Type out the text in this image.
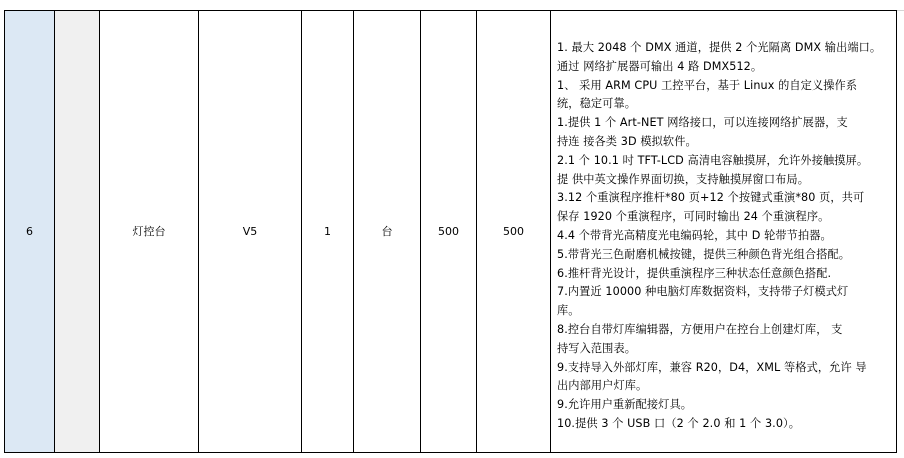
6		灯控台	V5	1	台	500	500	
1. 最大 2048 个 DMX 通道，提供 2 个光隔离 DMX 输出端口。
通过 网络扩展器可输出 4 路 DMX512。
1、 采用 ARM CPU 工控平台，基于 Linux 的自定义操作系
统，稳定可靠。
1.提供 1 个 Art-NET 网络接口，可以连接网络扩展器，支
持连 接各类 3D 模拟软件。
2.1 个 10.1 吋 TFT-LCD 高清电容触摸屏，允许外接触摸屏。
提 供中英文操作界面切换，支持触摸屏窗口布局。
3.12 个重演程序推杆*80 页+12 个按键式重演*80 页，共可
保存 1920 个重演程序，可同时输出 24 个重演程序。
4.4 个带背光高精度光电编码轮，其中 D 轮带节拍器。
5.带背光三色耐磨机械按键，提供三种颜色背光组合搭配。
6.推杆背光设计，提供重演程序三种状态任意颜色搭配.
7.内置近 10000 种电脑灯库数据资料，支持带子灯模式灯
库。
8.控台自带灯库编辑器，方便用户在控台上创建灯库， 支
持写入范围表。
9.支持导入外部灯库，兼容 R20，D4，XML 等格式，允许 导
出内部用户灯库。
9.允许用户重新配接灯具。
10.提供 3 个 USB 口（2 个 2.0 和 1 个 3.0）。
